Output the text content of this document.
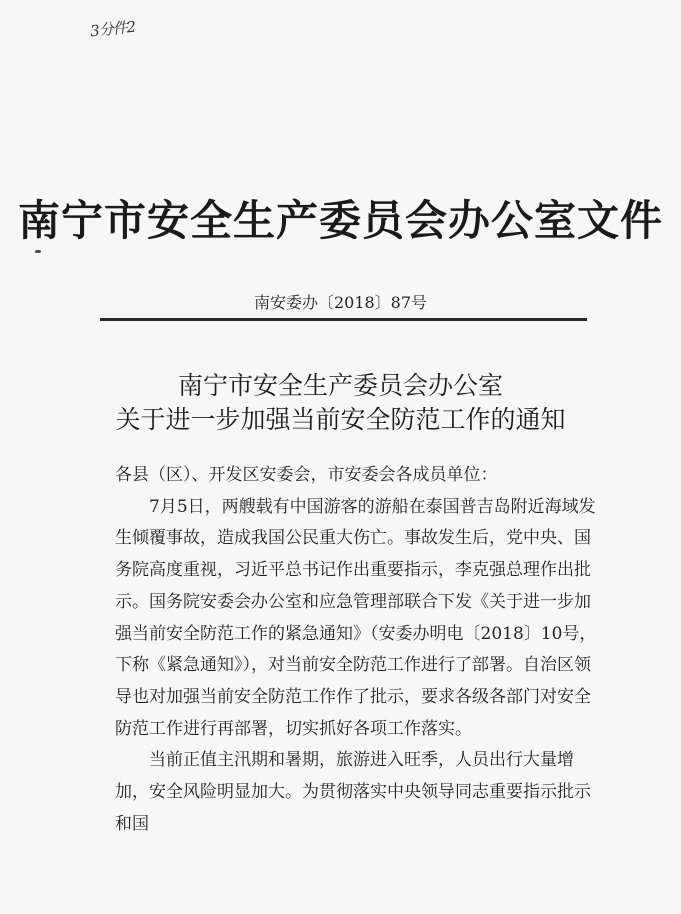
3分件2
南宁市安全生产委员会办公室文件
南安委办〔2018〕87号
南宁市安全生产委员会办公室
关于进一步加强当前安全防范工作的通知

各县（区）、开发区安委会，市安委会各成员单位：

7月5日，两艘载有中国游客的游船在泰国普吉岛附近海域发生倾覆事故，造成我国公民重大伤亡。事故发生后，党中央、国务院高度重视，习近平总书记作出重要指示，李克强总理作出批示。国务院安委会办公室和应急管理部联合下发《关于进一步加强当前安全防范工作的紧急通知》（安委办明电〔2018〕10号，下称《紧急通知》），对当前安全防范工作进行了部署。自治区领导也对加强当前安全防范工作作了批示，要求各级各部门对安全防范工作进行再部署，切实抓好各项工作落实。

当前正值主汛期和暑期，旅游进入旺季，人员出行大量增加，安全风险明显加大。为贯彻落实中央领导同志重要指示批示和国
